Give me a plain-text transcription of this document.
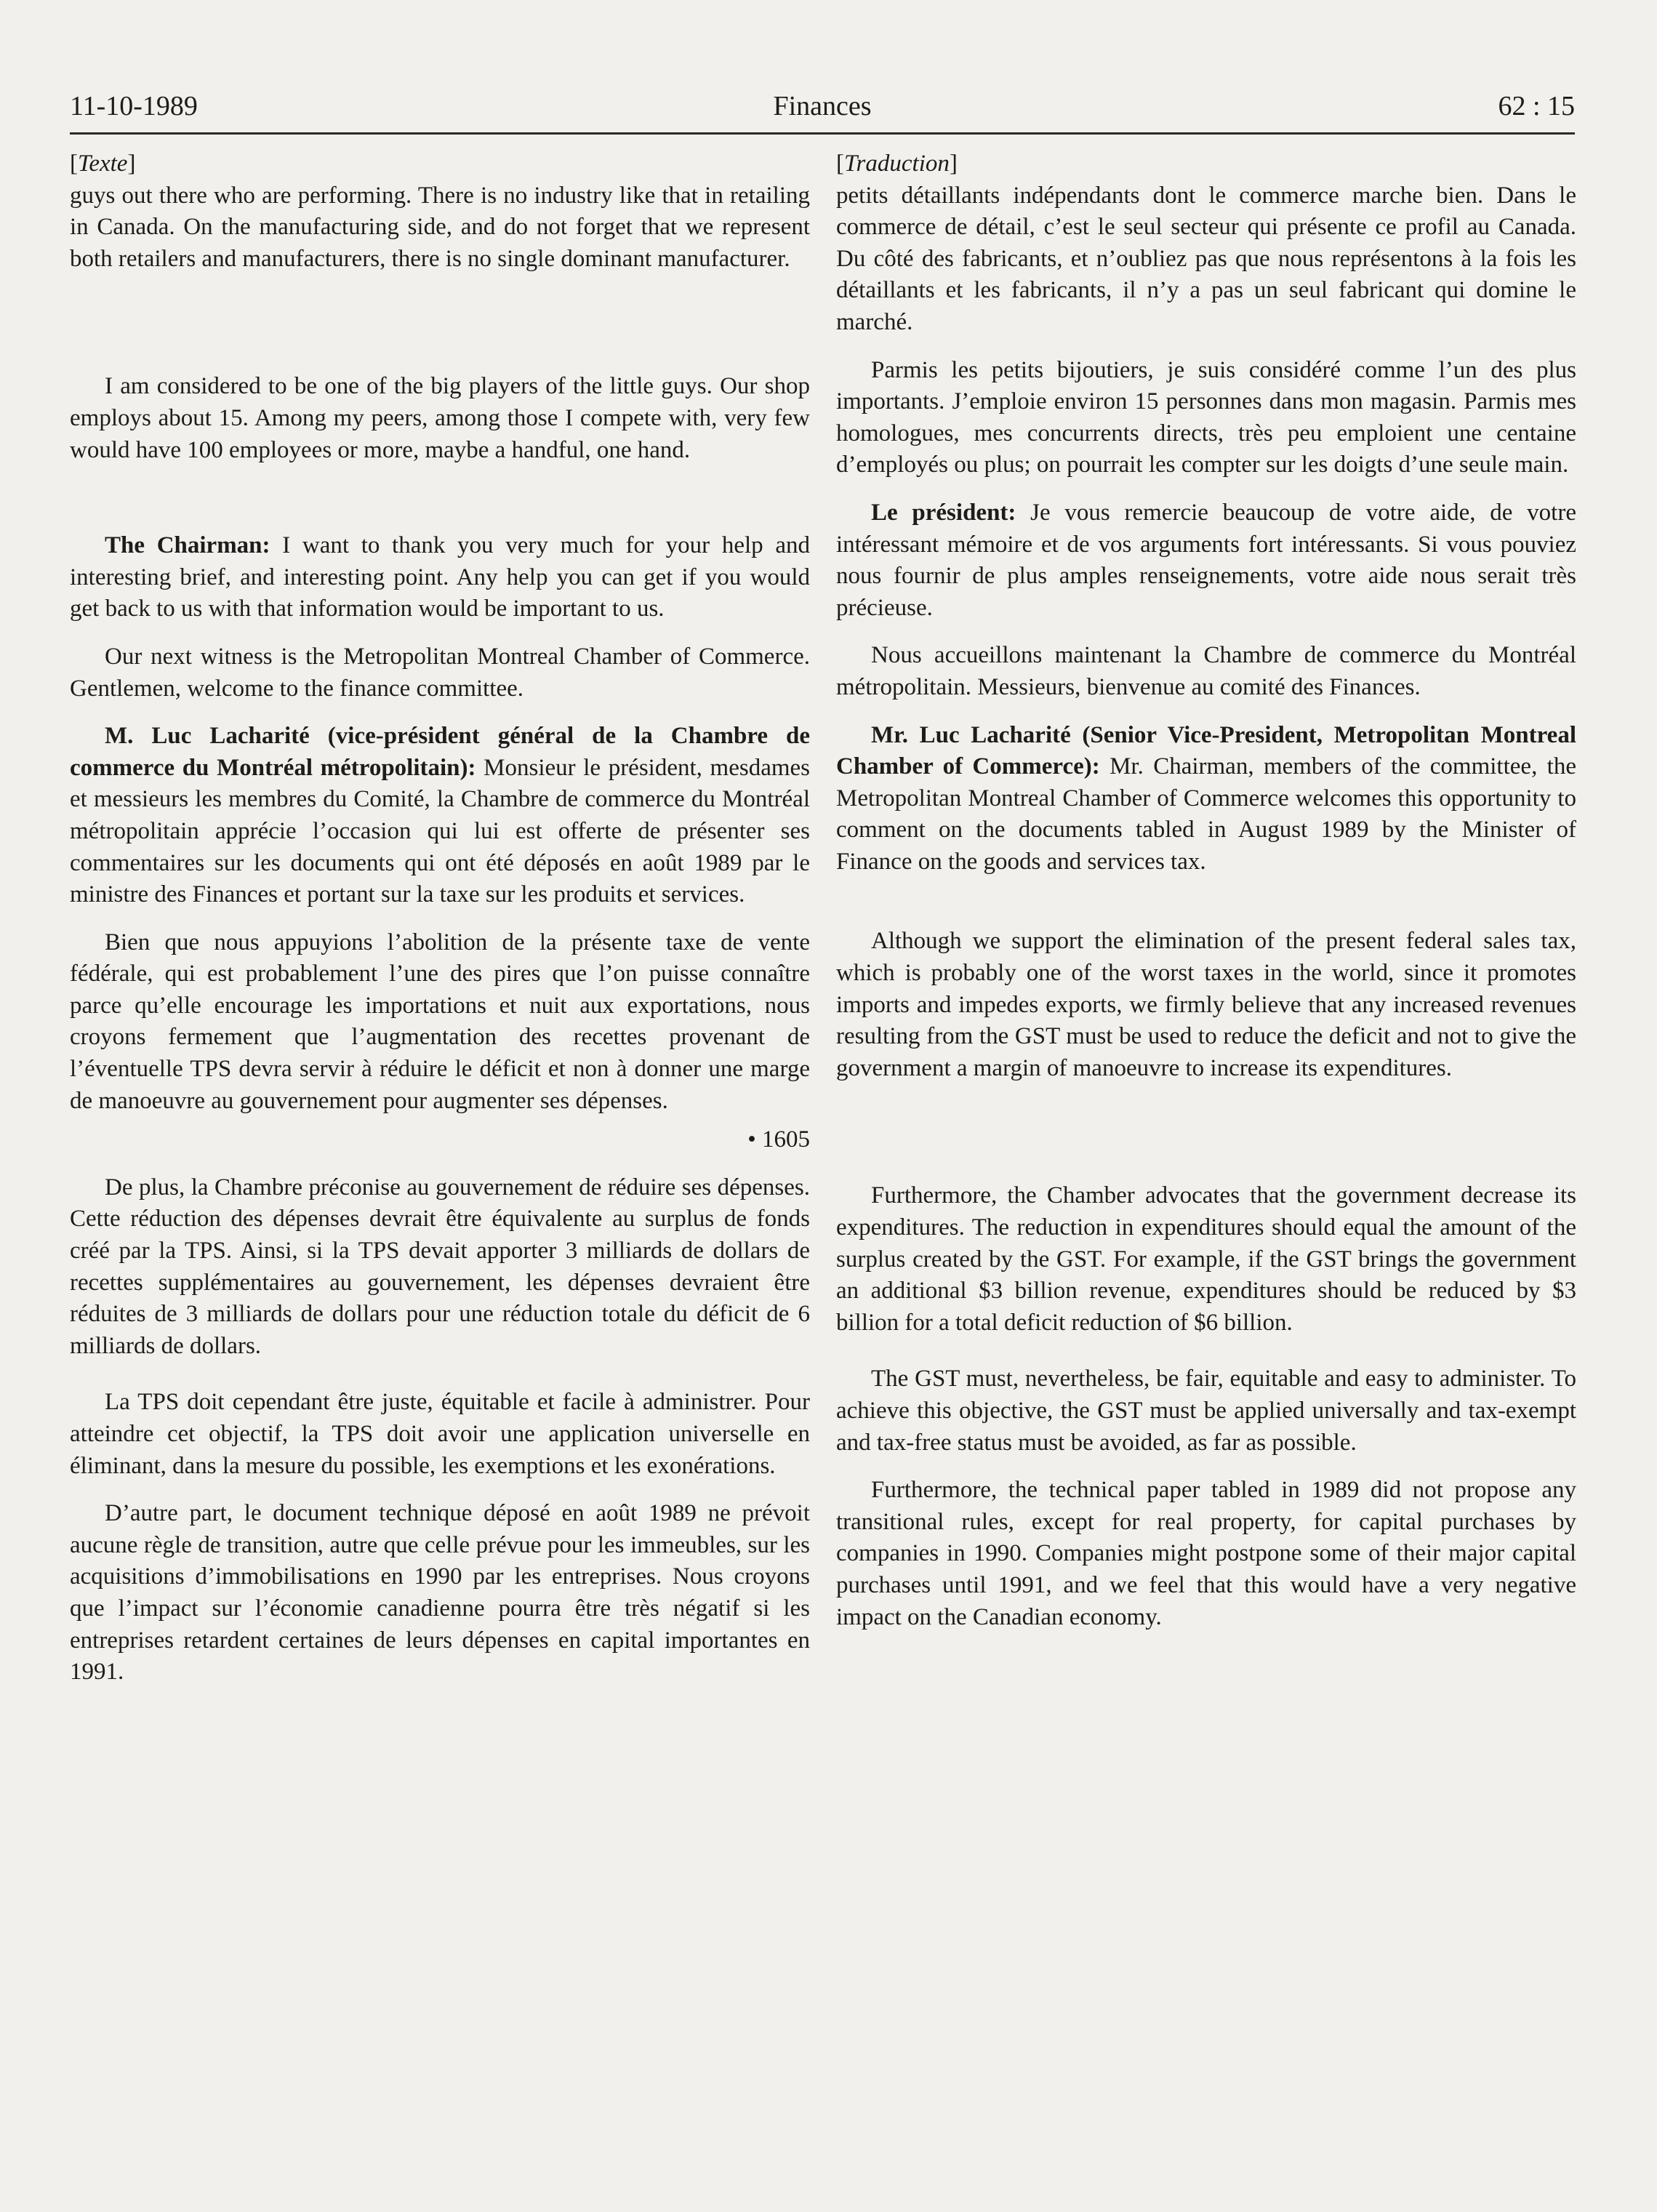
11-10-1989	Finances	62 : 15
[ Texte ]

guys out there who are performing. There is no industry like that in retailing in Canada. On the manufacturing side, and do not forget that we represent both retailers and manufacturers, there is no single dominant manufacturer.

I am considered to be one of the big players of the little guys. Our shop employs about 15. Among my peers, among those I compete with, very few would have 100 employees or more, maybe a handful, one hand.

The Chairman: I want to thank you very much for your help and interesting brief, and interesting point. Any help you can get if you would get back to us with that information would be important to us.

Our next witness is the Metropolitan Montreal Chamber of Commerce. Gentlemen, welcome to the finance committee.

M. Luc Lacharité (vice-président général de la Chambre de commerce du Montréal métropolitain): Monsieur le président, mesdames et messieurs les membres du Comité, la Chambre de commerce du Montréal métropolitain apprécie l’occasion qui lui est offerte de présenter ses commentaires sur les documents qui ont été déposés en août 1989 par le ministre des Finances et portant sur la taxe sur les produits et services.

Bien que nous appuyions l’abolition de la présente taxe de vente fédérale, qui est probablement l’une des pires que l’on puisse connaître parce qu’elle encourage les importations et nuit aux exportations, nous croyons fermement que l’augmentation des recettes provenant de l’éventuelle TPS devra servir à réduire le déficit et non à donner une marge de manoeuvre au gouvernement pour augmenter ses dépenses.

• 1605

De plus, la Chambre préconise au gouvernement de réduire ses dépenses. Cette réduction des dépenses devrait être équivalente au surplus de fonds créé par la TPS. Ainsi, si la TPS devait apporter 3 milliards de dollars de recettes supplémentaires au gouvernement, les dépenses devraient être réduites de 3 milliards de dollars pour une réduction totale du déficit de 6 milliards de dollars.

La TPS doit cependant être juste, équitable et facile à administrer. Pour atteindre cet objectif, la TPS doit avoir une application universelle en éliminant, dans la mesure du possible, les exemptions et les exonérations.

D’autre part, le document technique déposé en août 1989 ne prévoit aucune règle de transition, autre que celle prévue pour les immeubles, sur les acquisitions d’immobilisations en 1990 par les entreprises. Nous croyons que l’impact sur l’économie canadienne pourra être très négatif si les entreprises retardent certaines de leurs dépenses en capital importantes en 1991.

[ Traduction ]

petits détaillants indépendants dont le commerce marche bien. Dans le commerce de détail, c’est le seul secteur qui présente ce profil au Canada. Du côté des fabricants, et n’oubliez pas que nous représentons à la fois les détaillants et les fabricants, il n’y a pas un seul fabricant qui domine le marché.

Parmis les petits bijoutiers, je suis considéré comme l’un des plus importants. J’emploie environ 15 personnes dans mon magasin. Parmis mes homologues, mes concurrents directs, très peu emploient une centaine d’employés ou plus; on pourrait les compter sur les doigts d’une seule main.

Le président: Je vous remercie beaucoup de votre aide, de votre intéressant mémoire et de vos arguments fort intéressants. Si vous pouviez nous fournir de plus amples renseignements, votre aide nous serait très précieuse.

Nous accueillons maintenant la Chambre de commerce du Montréal métropolitain. Messieurs, bienvenue au comité des Finances.

Mr. Luc Lacharité (Senior Vice-President, Metropolitan Montreal Chamber of Commerce): Mr. Chairman, members of the committee, the Metropolitan Montreal Chamber of Commerce welcomes this opportunity to comment on the documents tabled in August 1989 by the Minister of Finance on the goods and services tax.

Although we support the elimination of the present federal sales tax, which is probably one of the worst taxes in the world, since it promotes imports and impedes exports, we firmly believe that any increased revenues resulting from the GST must be used to reduce the deficit and not to give the government a margin of manoeuvre to increase its expenditures.

Furthermore, the Chamber advocates that the government decrease its expenditures. The reduction in expenditures should equal the amount of the surplus created by the GST. For example, if the GST brings the government an additional $3 billion revenue, expenditures should be reduced by $3 billion for a total deficit reduction of $6 billion.

The GST must, nevertheless, be fair, equitable and easy to administer. To achieve this objective, the GST must be applied universally and tax-exempt and tax-free status must be avoided, as far as possible.

Furthermore, the technical paper tabled in 1989 did not propose any transitional rules, except for real property, for capital purchases by companies in 1990. Companies might postpone some of their major capital purchases until 1991, and we feel that this would have a very negative impact on the Canadian economy.
